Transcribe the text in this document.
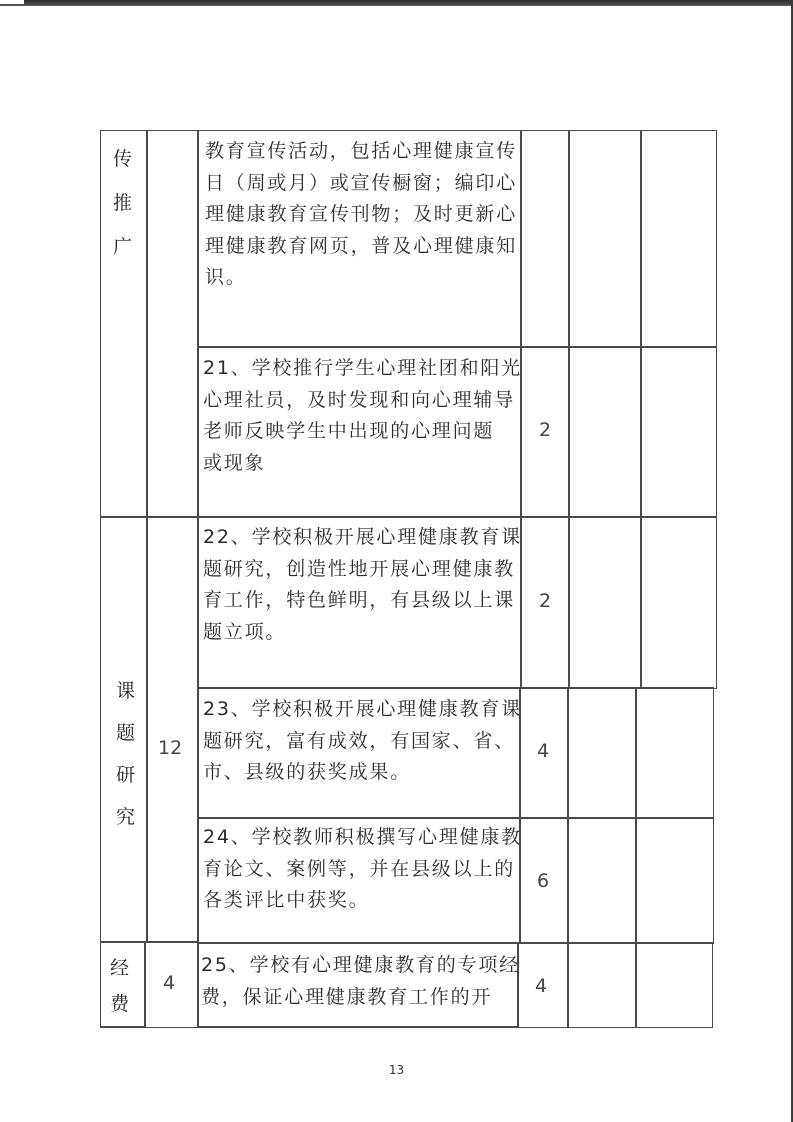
传
推
广
教育宣传活动，包括心理健康宣传
日（周或月）或宣传橱窗；编印心
理健康教育宣传刊物；及时更新心
理健康教育网页，普及心理健康知
识。
21、学校推行学生心理社团和阳光
心理社员，及时发现和向心理辅导
老师反映学生中出现的心理问题
或现象
2
课
题
研
究
12
22、学校积极开展心理健康教育课
题研究，创造性地开展心理健康教
育工作，特色鲜明，有县级以上课
题立项。
2
23、学校积极开展心理健康教育课
题研究，富有成效，有国家、省、
市、县级的获奖成果。
4
24、学校教师积极撰写心理健康教
育论文、案例等，并在县级以上的
各类评比中获奖。
6
经
费
4
25、学校有心理健康教育的专项经
费，保证心理健康教育工作的开	4
13
